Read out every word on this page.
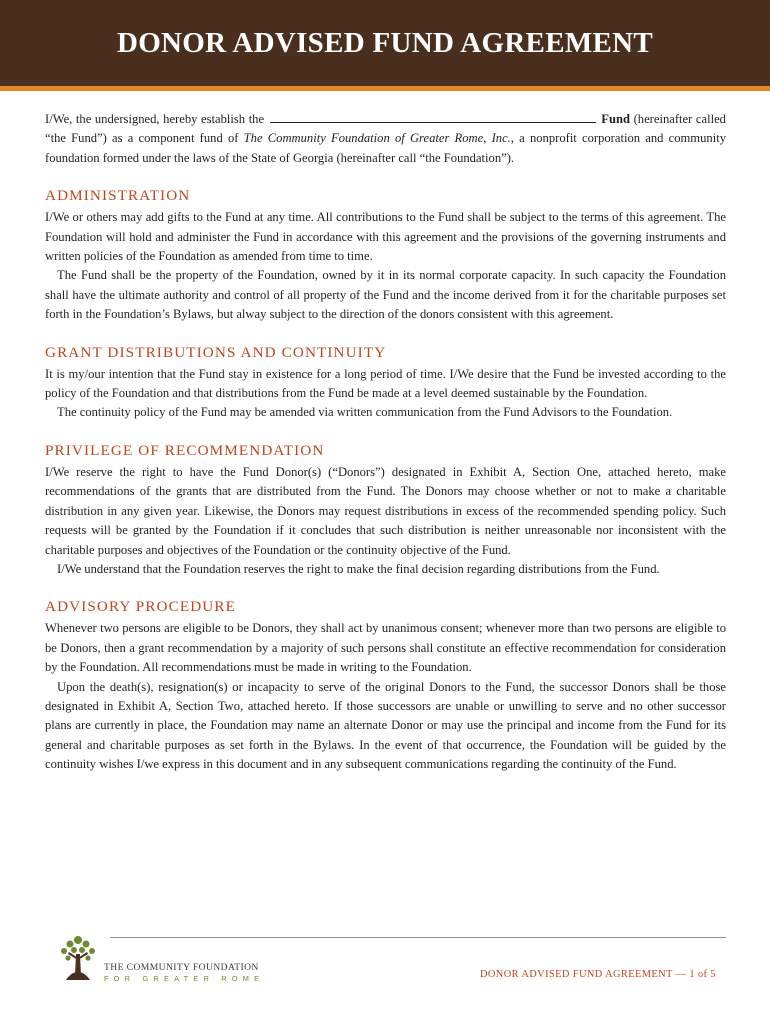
DONOR ADVISED FUND AGREEMENT

I/We, the undersigned, hereby establish the	Fund (hereinafter called “the Fund”) as a component fund of The Community Foundation of Greater Rome, Inc., a nonprofit corporation and community foundation formed under the laws of the State of Georgia (hereinafter call “the Foundation”).

ADMINISTRATION

I/We or others may add gifts to the Fund at any time. All contributions to the Fund shall be subject to the terms of this agreement. The Foundation will hold and administer the Fund in accordance with this agreement and the provisions of the governing instruments and written policies of the Foundation as amended from time to time.

The Fund shall be the property of the Foundation, owned by it in its normal corporate capacity. In such capacity the Foundation shall have the ultimate authority and control of all property of the Fund and the income derived from it for the charitable purposes set forth in the Foundation’s Bylaws, but alway subject to the direction of the donors consistent with this agreement.

GRANT DISTRIBUTIONS AND CONTINUITY

It is my/our intention that the Fund stay in existence for a long period of time. I/We desire that the Fund be invested according to the policy of the Foundation and that distributions from the Fund be made at a level deemed sustainable by the Foundation.

The continuity policy of the Fund may be amended via written communication from the Fund Advisors to the Foundation.

PRIVILEGE OF RECOMMENDATION

I/We reserve the right to have the Fund Donor(s) (“Donors”) designated in Exhibit A, Section One, attached hereto, make recommendations of the grants that are distributed from the Fund. The Donors may choose whether or not to make a charitable distribution in any given year. Likewise, the Donors may request distributions in excess of the recommended spending policy. Such requests will be granted by the Foundation if it concludes that such distribution is neither unreasonable nor inconsistent with the charitable purposes and objectives of the Foundation or the continuity objective of the Fund.

I/We understand that the Foundation reserves the right to make the final decision regarding distributions from the Fund.

ADVISORY PROCEDURE

Whenever two persons are eligible to be Donors, they shall act by unanimous consent; whenever more than two persons are eligible to be Donors, then a grant recommendation by a majority of such persons shall constitute an effective recommendation for consideration by the Foundation. All recommendations must be made in writing to the Foundation.

Upon the death(s), resignation(s) or incapacity to serve of the original Donors to the Fund, the successor Donors shall be those designated in Exhibit A, Section Two, attached hereto. If those successors are unable or unwilling to serve and no other successor plans are currently in place, the Foundation may name an alternate Donor or may use the principal and income from the Fund for its general and charitable purposes as set forth in the Bylaws. In the event of that occurrence, the Foundation will be guided by the continuity wishes I/we express in this document and in any subsequent communications regarding the continuity of the Fund.

THE COMMUNITY FOUNDATION
FOR GREATER ROME	DONOR ADVISED FUND AGREEMENT — 1 of 5
